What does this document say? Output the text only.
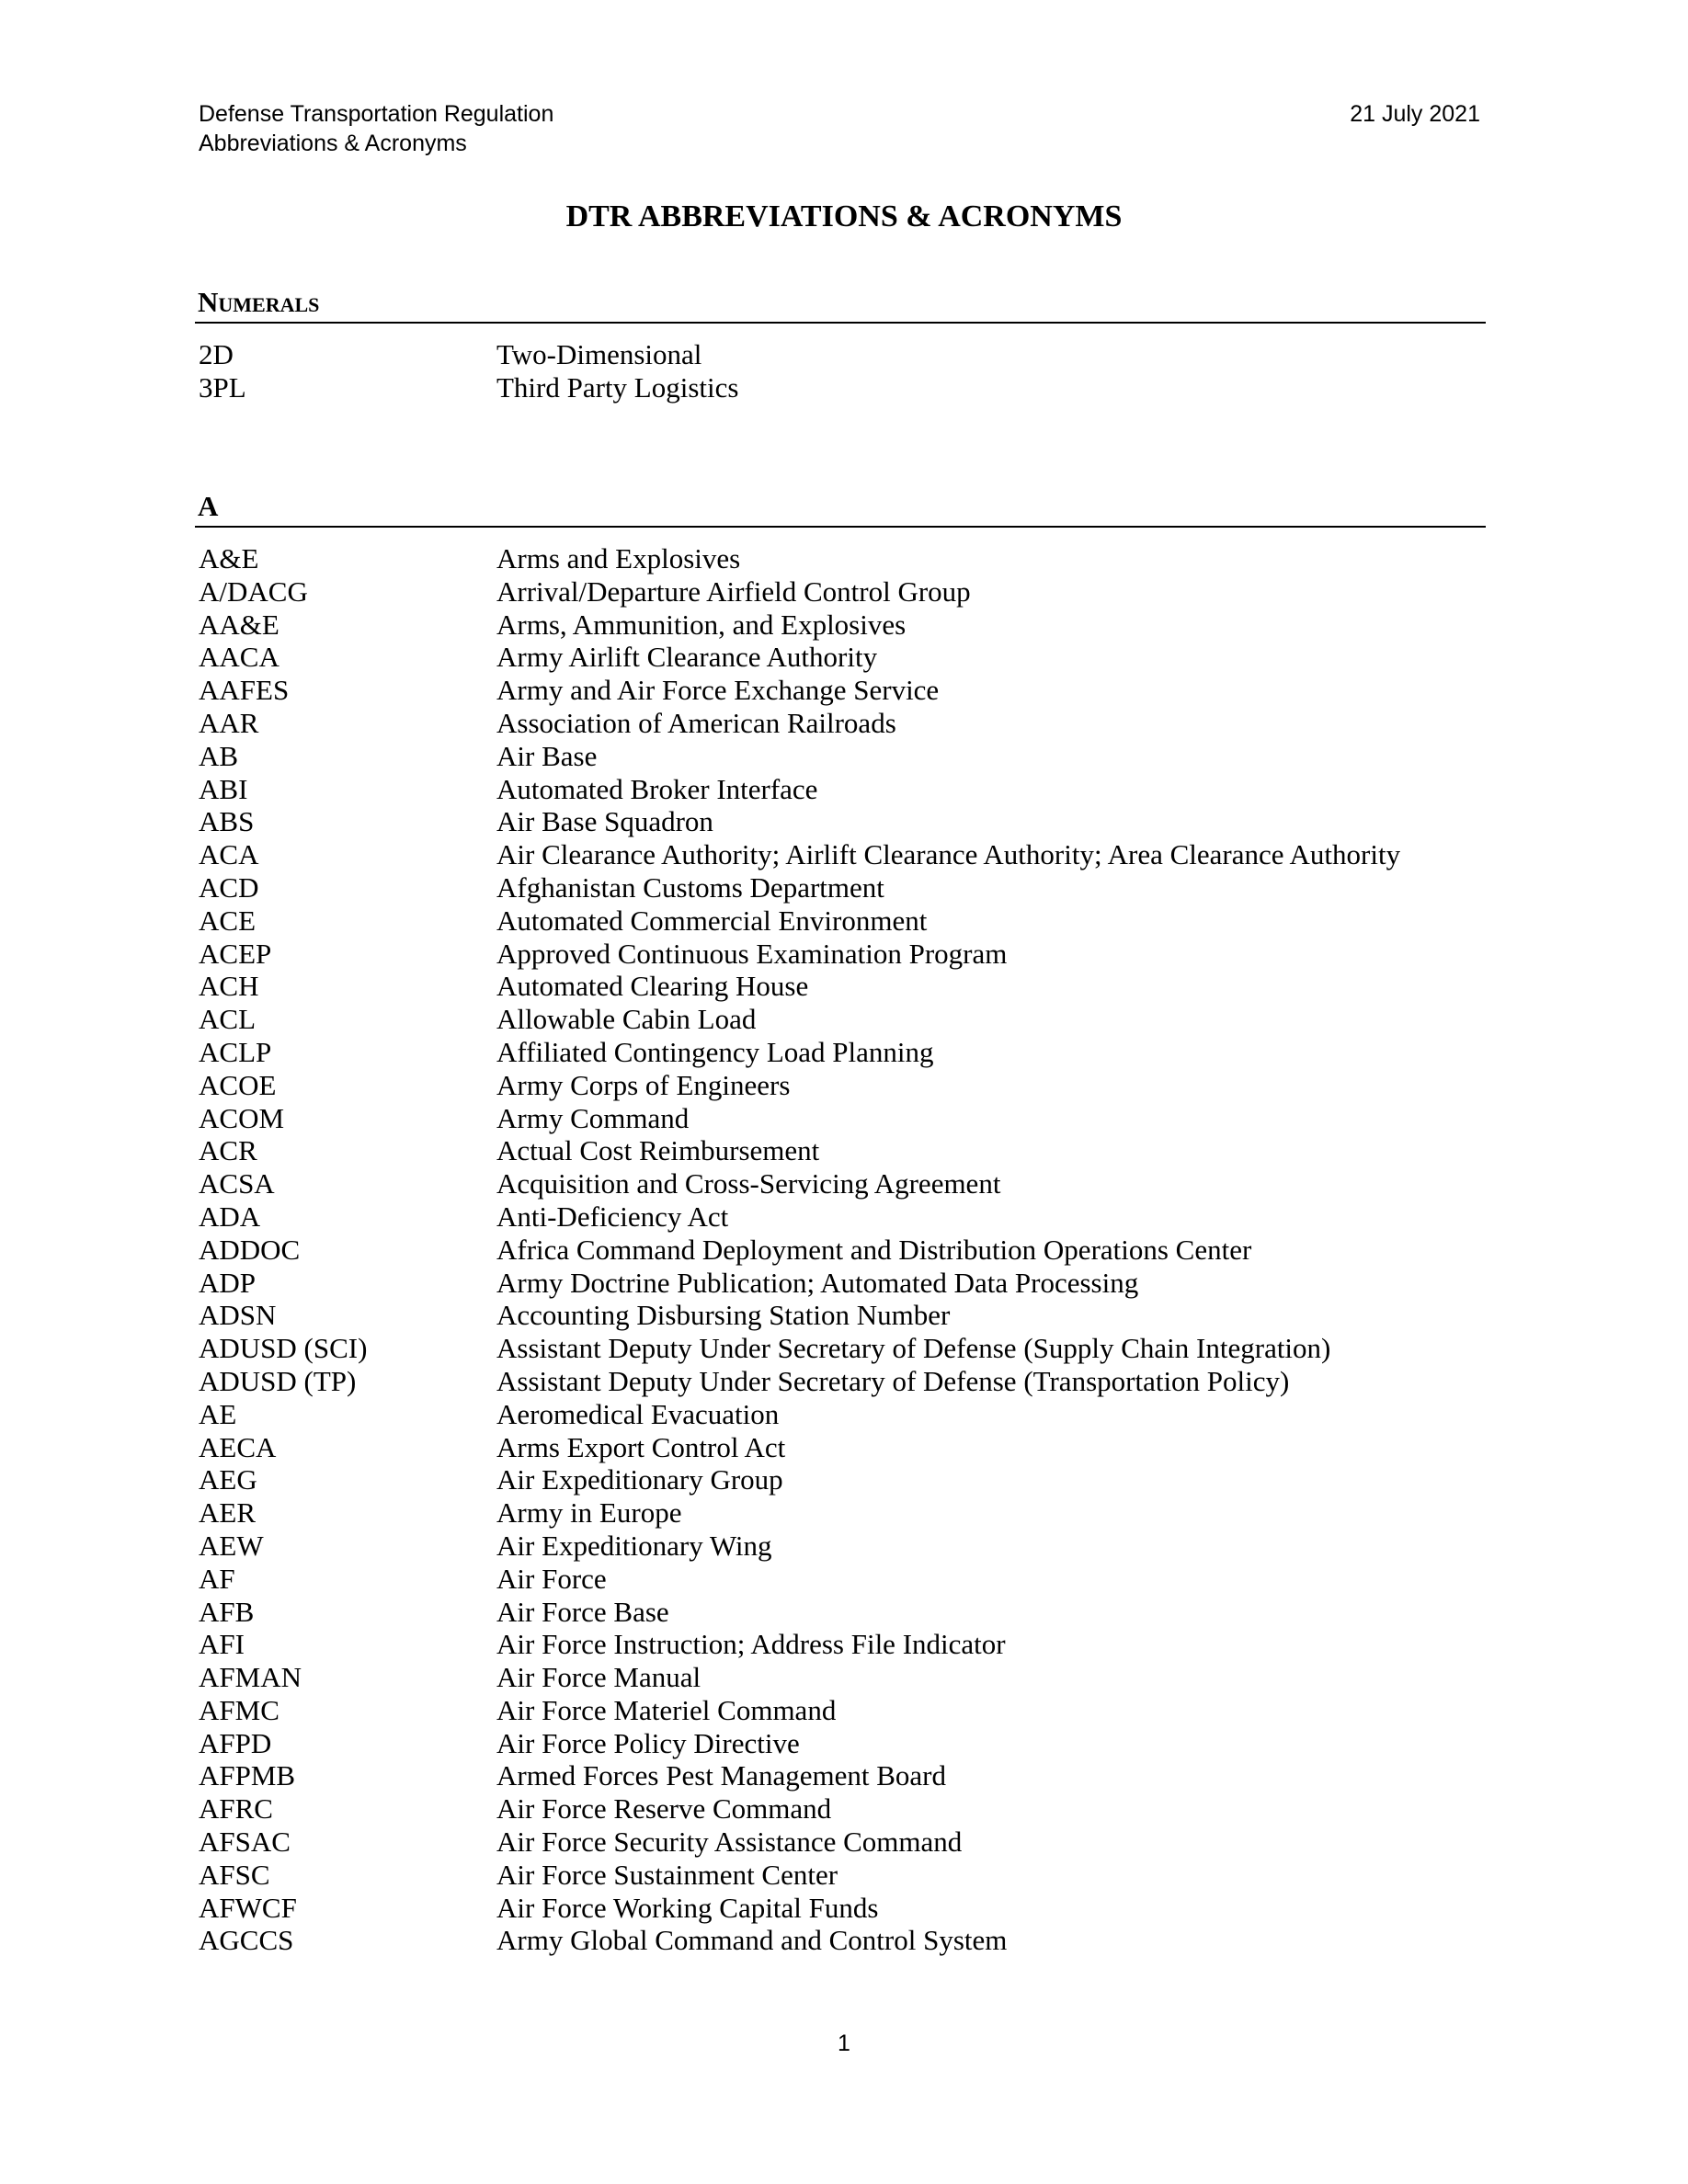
Defense Transportation Regulation
Abbreviations & Acronyms
21 July 2021
DTR ABBREVIATIONS & ACRONYMS
Numerals
2D	Two-Dimensional
3PL	Third Party Logistics
A
A&E	Arms and Explosives
A/DACG	Arrival/Departure Airfield Control Group
AA&E	Arms, Ammunition, and Explosives
AACA	Army Airlift Clearance Authority
AAFES	Army and Air Force Exchange Service
AAR	Association of American Railroads
AB	Air Base
ABI	Automated Broker Interface
ABS	Air Base Squadron
ACA	Air Clearance Authority; Airlift Clearance Authority; Area Clearance Authority
ACD	Afghanistan Customs Department
ACE	Automated Commercial Environment
ACEP	Approved Continuous Examination Program
ACH	Automated Clearing House
ACL	Allowable Cabin Load
ACLP	Affiliated Contingency Load Planning
ACOE	Army Corps of Engineers
ACOM	Army Command
ACR	Actual Cost Reimbursement
ACSA	Acquisition and Cross-Servicing Agreement
ADA	Anti-Deficiency Act
ADDOC	Africa Command Deployment and Distribution Operations Center
ADP	Army Doctrine Publication; Automated Data Processing
ADSN	Accounting Disbursing Station Number
ADUSD (SCI)	Assistant Deputy Under Secretary of Defense (Supply Chain Integration)
ADUSD (TP)	Assistant Deputy Under Secretary of Defense (Transportation Policy)
AE	Aeromedical Evacuation
AECA	Arms Export Control Act
AEG	Air Expeditionary Group
AER	Army in Europe
AEW	Air Expeditionary Wing
AF	Air Force
AFB	Air Force Base
AFI	Air Force Instruction; Address File Indicator
AFMAN	Air Force Manual
AFMC	Air Force Materiel Command
AFPD	Air Force Policy Directive
AFPMB	Armed Forces Pest Management Board
AFRC	Air Force Reserve Command
AFSAC	Air Force Security Assistance Command
AFSC	Air Force Sustainment Center
AFWCF	Air Force Working Capital Funds
AGCCS	Army Global Command and Control System
1
